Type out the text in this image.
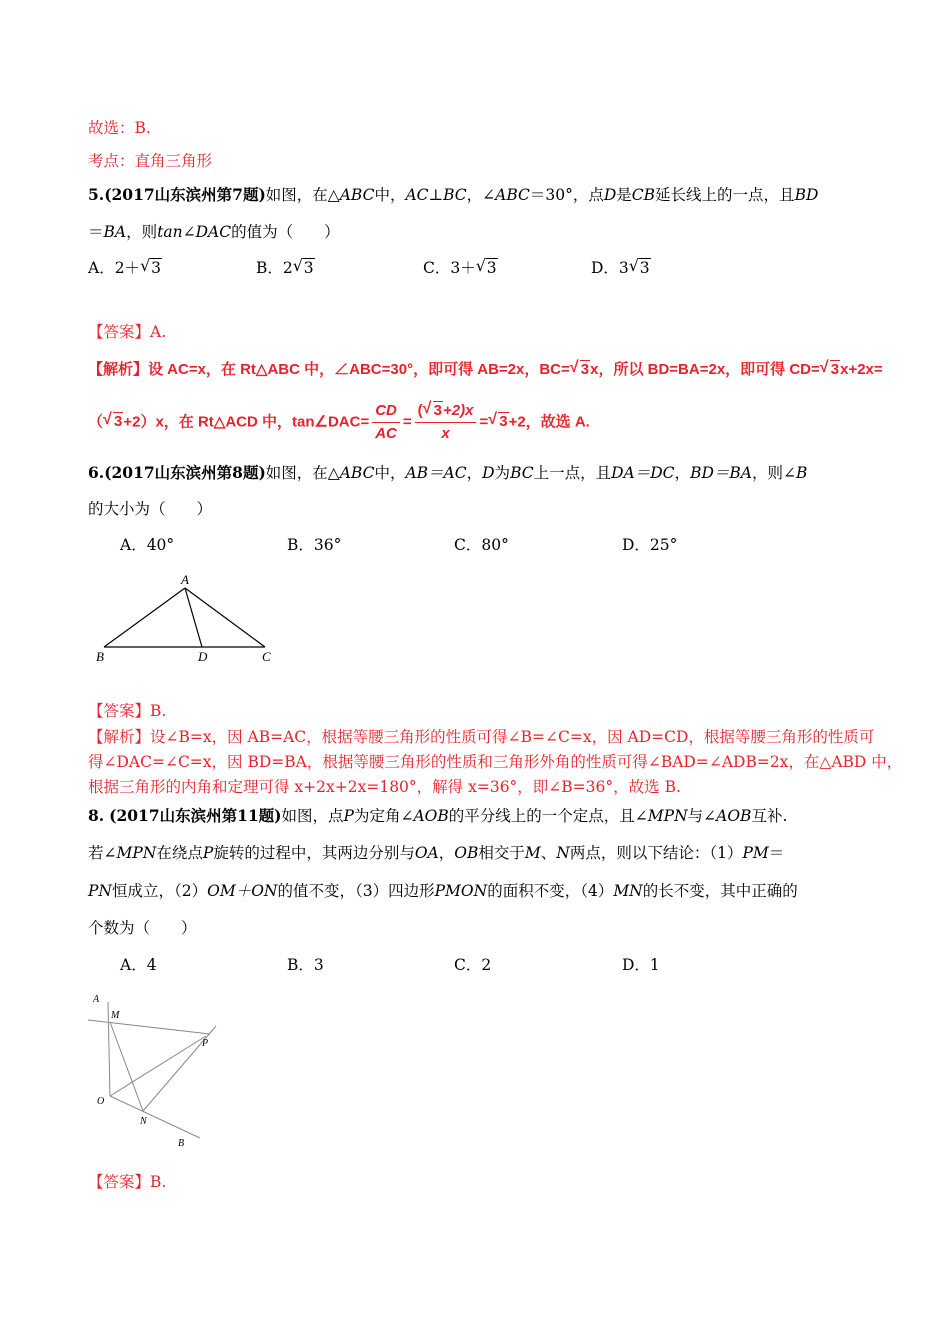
故选：B.
考点：直角三角形
5.(2017山东滨州第7题)如图，在△ABC中，AC⊥BC，∠ABC＝30°，点D是CB延长线上的一点，且BD
＝BA，则tan∠DAC的值为（　　）
A．2＋ √ 3	B．2 √ 3	C．3＋ √ 3	D．3 √ 3
【答案】A.
【解析】设 AC=x，在 Rt△ABC 中，∠ABC=30°，即可得 AB=2x，BC= √ 3x，所以 BD=BA=2x，即可得 CD= √ 3x+2x=
（ √ 3+2）x，在 Rt△ACD 中，tan∠DAC= $\frac{CD}{AC} = \frac{( √ 3+2)x}{x}$ = √ 3+2，故选 A.
6.(2017山东滨州第8题)如图，在△ABC中，AB＝AC，D为BC上一点，且DA＝DC，BD＝BA，则∠B
的大小为（　　）
A．40°	B．36°	C．80°	D．25°
A
B	D	C
【答案】B.
【解析】设∠B=x，因 AB=AC，根据等腰三角形的性质可得∠B=∠C=x，因 AD=CD，根据等腰三角形的性质可
得∠DAC=∠C=x，因 BD=BA，根据等腰三角形的性质和三角形外角的性质可得∠BAD=∠ADB=2x，在△ABD 中，
根据三角形的内角和定理可得 x+2x+2x=180°，解得 x=36°，即∠B=36°，故选 B.
8. (2017山东滨州第11题)如图，点P为定角∠AOB的平分线上的一个定点，且∠MPN与∠AOB互补.
若∠MPN在绕点P旋转的过程中，其两边分别与OA，OB相交于M、N两点，则以下结论：（1）PM＝
PN恒成立，（2）OM＋ON的值不变，（3）四边形PMON的面积不变，（4）MN的长不变，其中正确的
个数为（　　）
A．4	B．3	C．2	D．1
A
M
P
O
N
B
【答案】B.
